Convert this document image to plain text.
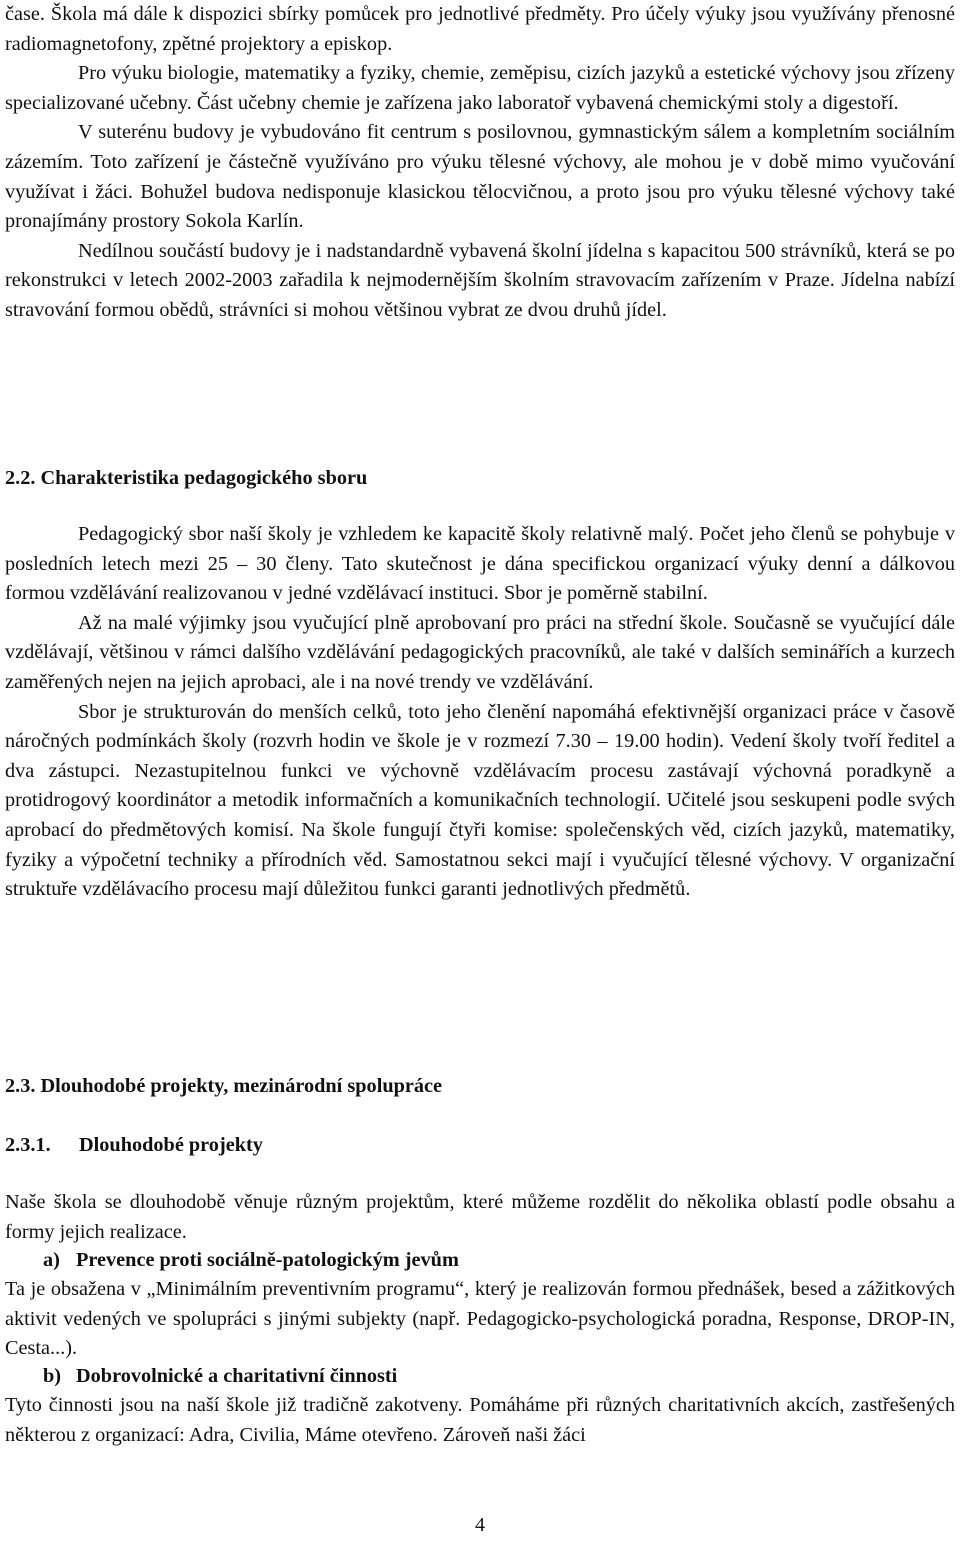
čase. Škola má dále k dispozici sbírky pomůcek pro jednotlivé předměty. Pro účely výuky jsou využívány přenosné radiomagnetofony, zpětné projektory a episkop.

Pro výuku biologie, matematiky a fyziky, chemie, zeměpisu, cizích jazyků a estetické výchovy jsou zřízeny specializované učebny. Část učebny chemie je zařízena jako laboratoř vybavená chemickými stoly a digestoří.

V suterénu budovy je vybudováno fit centrum s posilovnou, gymnastickým sálem a kompletním sociálním zázemím. Toto zařízení je částečně využíváno pro výuku tělesné výchovy, ale mohou je v době mimo vyučování využívat i žáci. Bohužel budova nedisponuje klasickou tělocvičnou, a proto jsou pro výuku tělesné výchovy také pronajímány prostory Sokola Karlín.

Nedílnou součástí budovy je i nadstandardně vybavená školní jídelna s kapacitou 500 strávníků, která se po rekonstrukci v letech 2002-2003 zařadila k nejmodernějším školním stravovacím zařízením v Praze. Jídelna nabízí stravování formou obědů, strávníci si mohou většinou vybrat ze dvou druhů jídel.

2.2. Charakteristika pedagogického sboru

Pedagogický sbor naší školy je vzhledem ke kapacitě školy relativně malý. Počet jeho členů se pohybuje v posledních letech mezi 25 – 30 členy. Tato skutečnost je dána specifickou organizací výuky denní a dálkovou formou vzdělávání realizovanou v jedné vzdělávací instituci. Sbor je poměrně stabilní.

Až na malé výjimky jsou vyučující plně aprobovaní pro práci na střední škole. Současně se vyučující dále vzdělávají, většinou v rámci dalšího vzdělávání pedagogických pracovníků, ale také v dalších seminářích a kurzech zaměřených nejen na jejich aprobaci, ale i na nové trendy ve vzdělávání.

Sbor je strukturován do menších celků, toto jeho členění napomáhá efektivnější organizaci práce v časově náročných podmínkách školy (rozvrh hodin ve škole je v rozmezí 7.30 – 19.00 hodin). Vedení školy tvoří ředitel a dva zástupci. Nezastupitelnou funkci ve výchovně vzdělávacím procesu zastávají výchovná poradkyně a protidrogový koordinátor a metodik informačních a komunikačních technologií. Učitelé jsou seskupeni podle svých aprobací do předmětových komisí. Na škole fungují čtyři komise: společenských věd, cizích jazyků, matematiky, fyziky a výpočetní techniky a přírodních věd. Samostatnou sekci mají i vyučující tělesné výchovy. V organizační struktuře vzdělávacího procesu mají důležitou funkci garanti jednotlivých předmětů.

2.3. Dlouhodobé projekty, mezinárodní spolupráce
2.3.1. Dlouhodobé projekty

Naše škola se dlouhodobě věnuje různým projektům, které můžeme rozdělit do několika oblastí podle obsahu a formy jejich realizace.

a) Prevence proti sociálně-patologickým jevům

Ta je obsažena v „Minimálním preventivním programu“, který je realizován formou přednášek, besed a zážitkových aktivit vedených ve spolupráci s jinými subjekty (např. Pedagogicko-psychologická poradna, Response, DROP-IN, Cesta...).

b) Dobrovolnické a charitativní činnosti

Tyto činnosti jsou na naší škole již tradičně zakotveny. Pomáháme při různých charitativních akcích, zastřešených některou z organizací: Adra, Civilia, Máme otevřeno. Zároveň naši žáci

4
